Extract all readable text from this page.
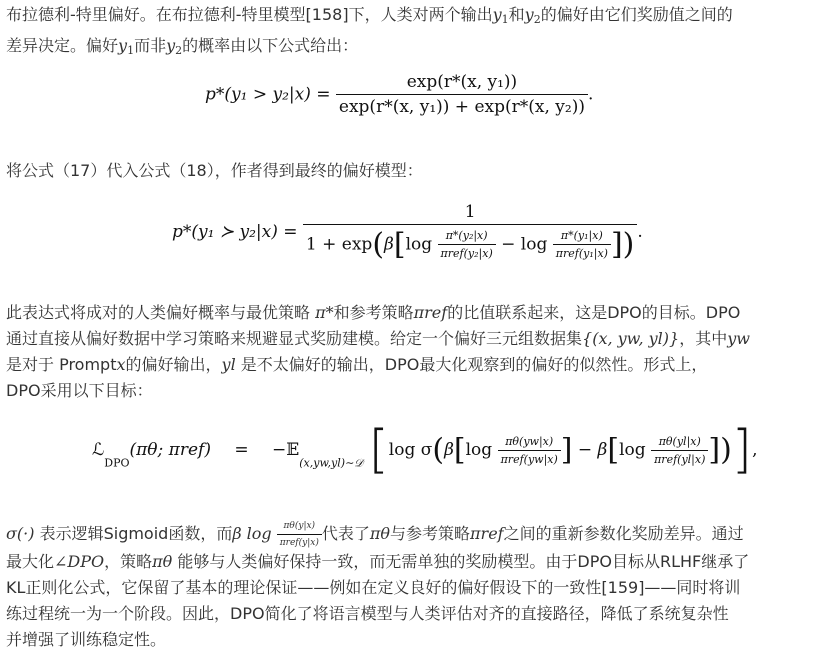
布拉德利-特里偏好。在布拉德利-特里模型[158]下，人类对两个输出$y_1$和$y_2$的偏好由它们奖励值之间的
差异决定。偏好$y_1$而非$y_2$的概率由以下公式给出：
$p*(y_1 > y_2|x) = \frac{\text{exp(r*(x, y₁))}}{\text{exp(r*(x, y₁)) + exp(r*(x, y₂))}}$ .
将公式（17）代入公式（18），作者得到最终的偏好模型：
p*(y₁ ≻ y₂|x) =
1
$1 + \exp(\beta[\log \frac{\text{π*(y₂|x)}}{\text{πref(y₂|x)}} - \log \frac{\text{π*(y₁|x)}}{\text{πref(y₁|x)}}$ ]) .
此表达式将成对的人类偏好概率与最优策略 π*和参考策略πref的比值联系起来，这是DPO的目标。DPO
通过直接从偏好数据中学习策略来规避显式奖励建模。给定一个偏好三元组数据集{(x, yw, yl)}，其中yw
是对于 Promptx的偏好输出，yl 是不太偏好的输出，DPO最大化观察到的偏好的似然性。形式上，
DPO采用以下目标：
ℒ$_{DPO}$(πθ; πref) = −𝔼$_{(x,yw,yl)\sim 𝒟}$ [log $\sigma(\beta[\log \frac{\pi\theta(yw|x)}{\text{πref(yw|x)}}$ ] − $\beta[\log \frac{\pi\theta(yl|x)}{\text{πref(yl|x)}}$ ])],
σ(·) 表示逻辑Sigmoid函数，而β $\log \frac{\pi\theta(y|x)}{\text{πref(y|x)}}$ 代表了πθ与参考策略πref之间的重新参数化奖励差异。通过
最大化∠DPO，策略πθ 能够与人类偏好保持一致，而无需单独的奖励模型。由于DPO目标从RLHF继承了
KL正则化公式，它保留了基本的理论保证——例如在定义良好的偏好假设下的一致性[159]——同时将训
练过程统一为一个阶段。因此，DPO简化了将语言模型与人类评估对齐的直接路径，降低了系统复杂性
并增强了训练稳定性。
